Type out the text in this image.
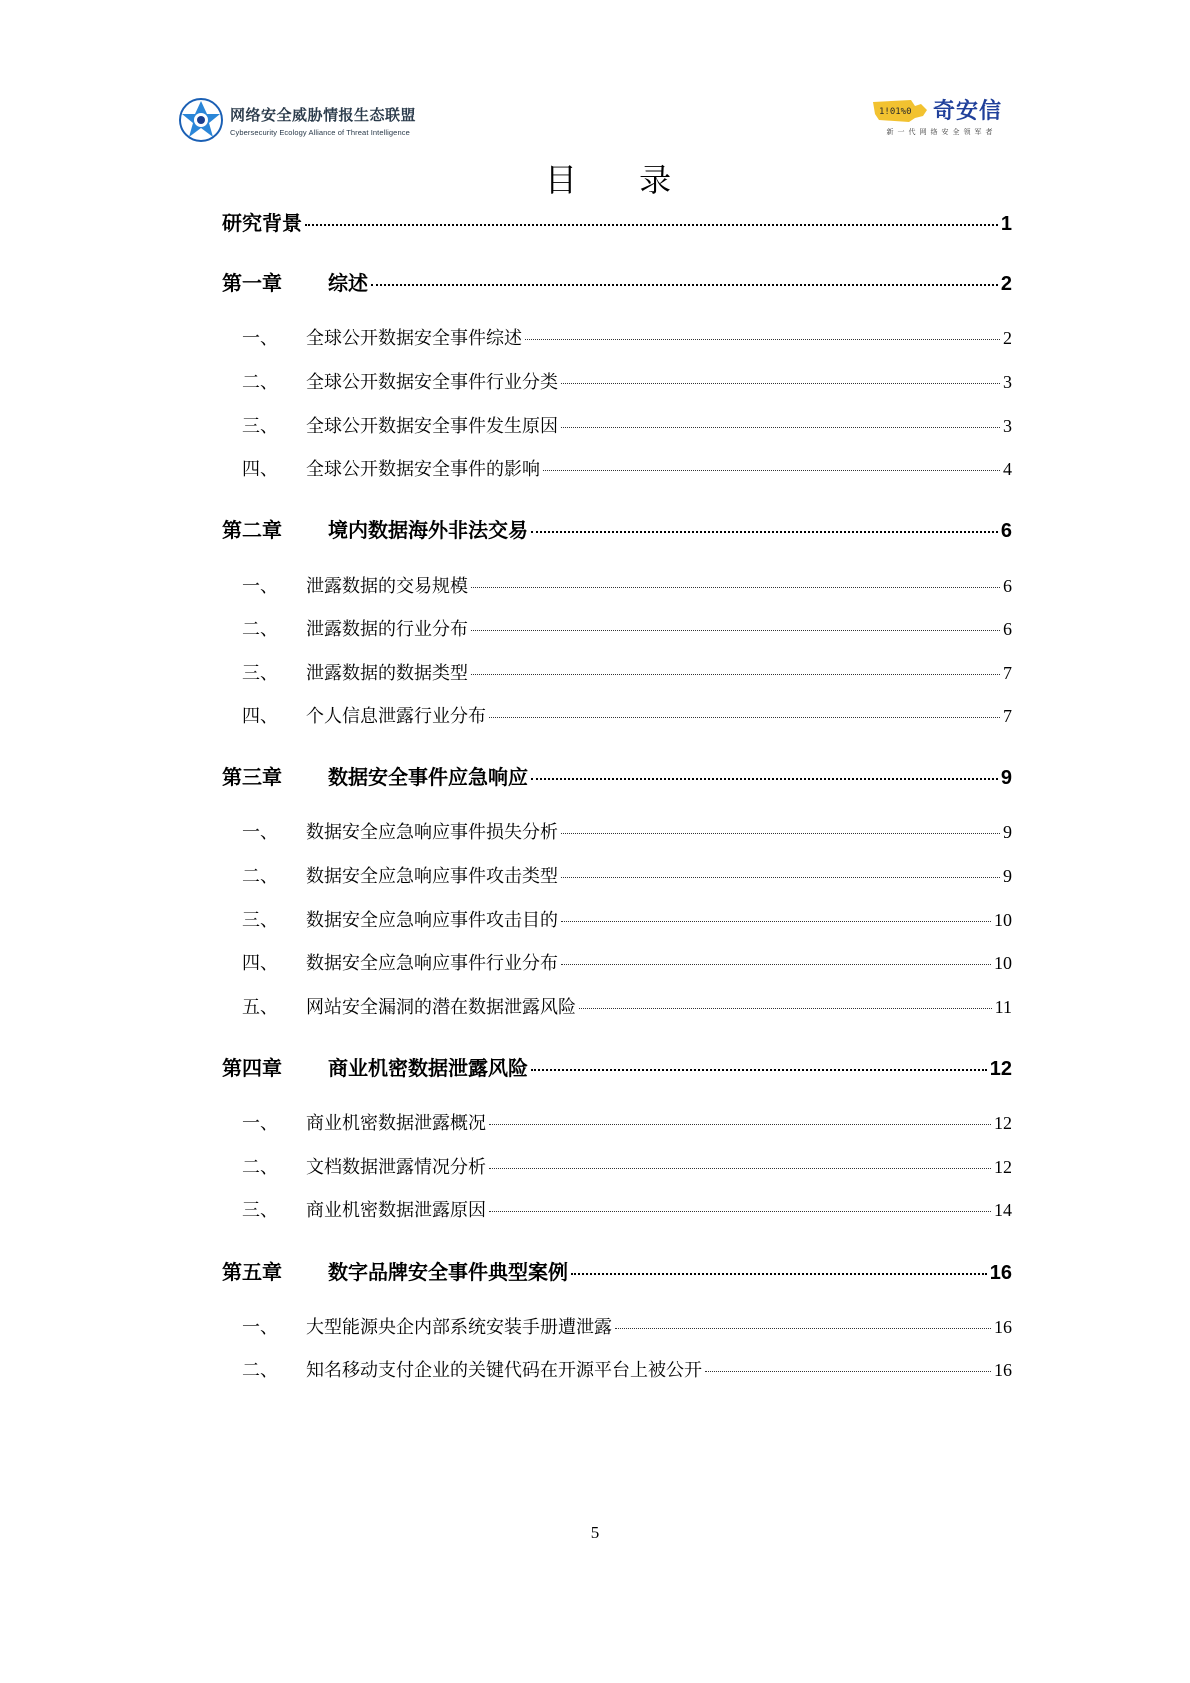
网络安全威胁情报生态联盟
Cybersecurity Ecology Alliance of Threat Intelligence
1!01%0 奇安信
新一代网络安全领军者
目 录
研究背景	1
第一章	综述	2
一、	全球公开数据安全事件综述	2
二、	全球公开数据安全事件行业分类	3
三、	全球公开数据安全事件发生原因	3
四、	全球公开数据安全事件的影响	4
第二章	境内数据海外非法交易	6
一、	泄露数据的交易规模	6
二、	泄露数据的行业分布	6
三、	泄露数据的数据类型	7
四、	个人信息泄露行业分布	7
第三章	数据安全事件应急响应	9
一、	数据安全应急响应事件损失分析	9
二、	数据安全应急响应事件攻击类型	9
三、	数据安全应急响应事件攻击目的	10
四、	数据安全应急响应事件行业分布	10
五、	网站安全漏洞的潜在数据泄露风险	11
第四章	商业机密数据泄露风险	12
一、	商业机密数据泄露概况	12
二、	文档数据泄露情况分析	12
三、	商业机密数据泄露原因	14
第五章	数字品牌安全事件典型案例	16
一、	大型能源央企内部系统安装手册遭泄露	16
二、	知名移动支付企业的关键代码在开源平台上被公开	16
5
